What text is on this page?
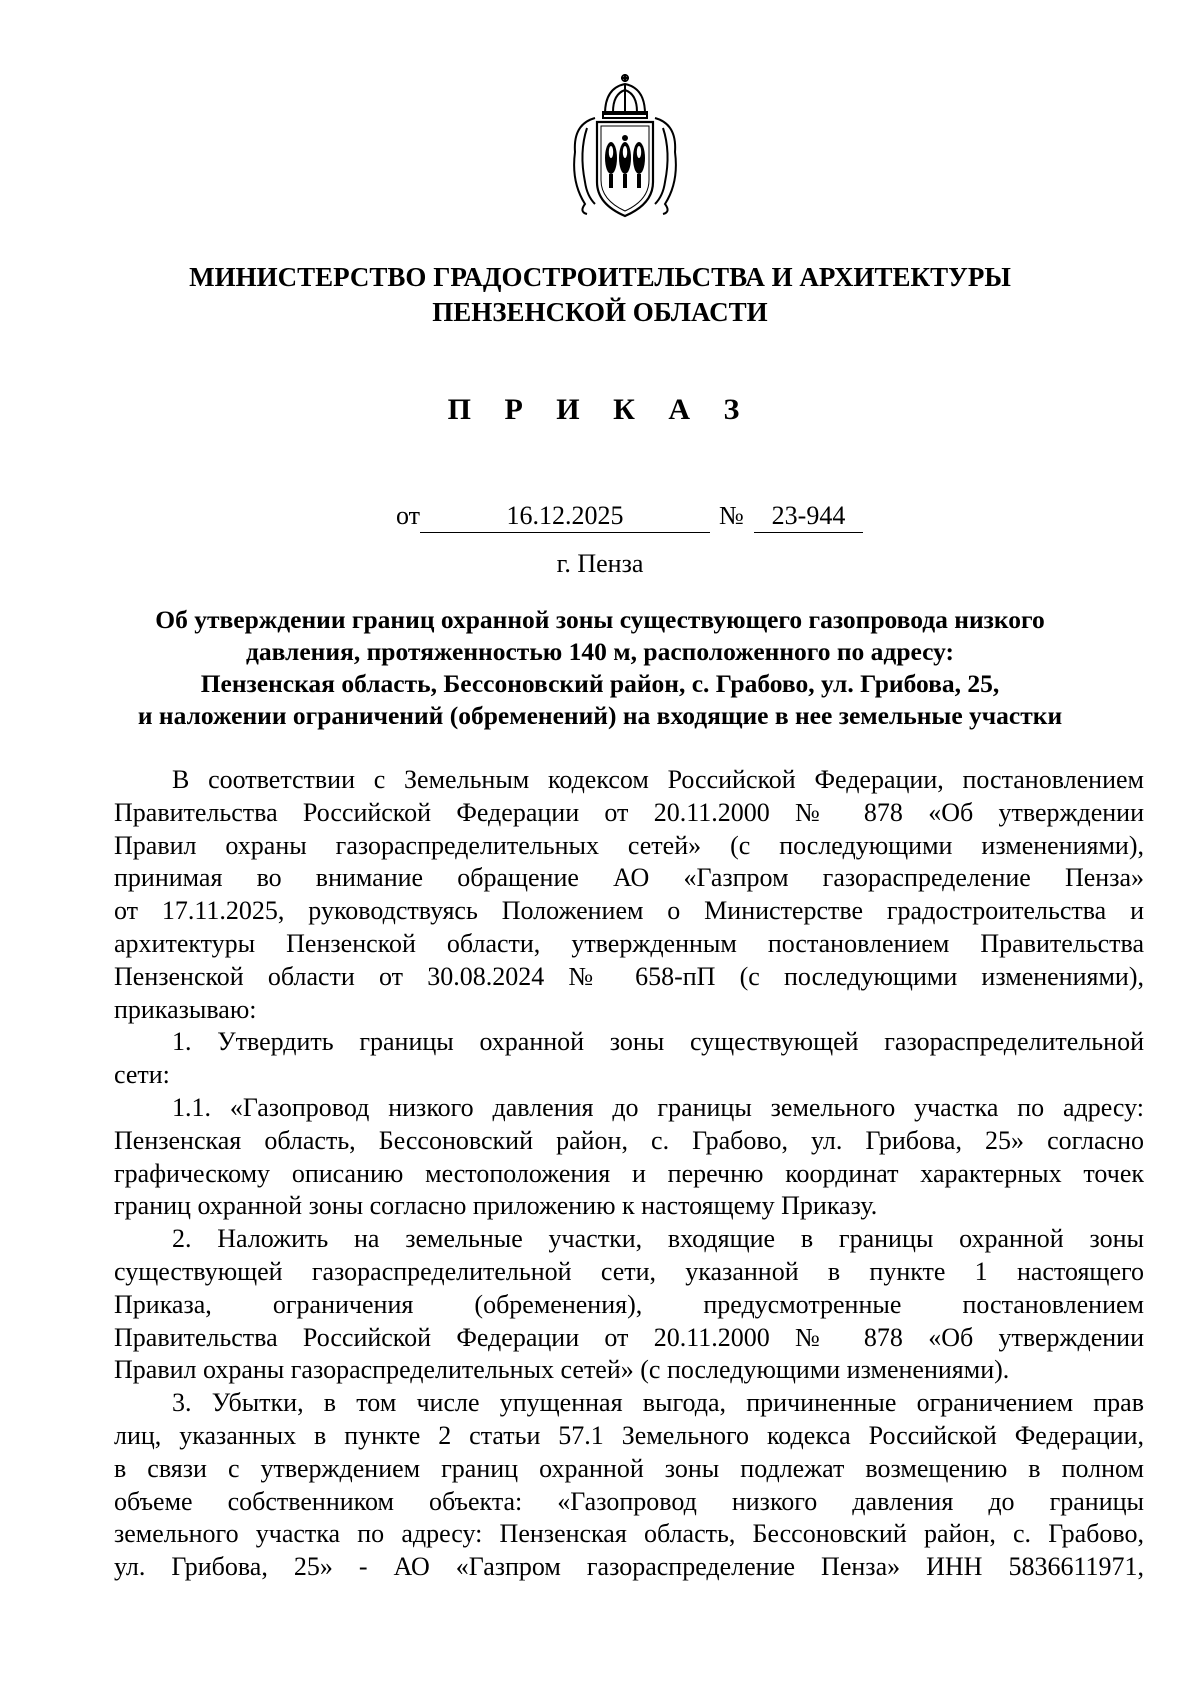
МИНИСТЕРСТВО ГРАДОСТРОИТЕЛЬСТВА И АРХИТЕКТУРЫ
ПЕНЗЕНСКОЙ ОБЛАСТИ
П Р И К А З
от	16.12.2025	№	23-944
г. Пенза
Об утверждении границ охранной зоны существующего газопровода низкого
давления, протяженностью 140 м, расположенного по адресу:
Пензенская область, Бессоновский район, с. Грабово, ул. Грибова, 25,
и наложении ограничений (обременений) на входящие в нее земельные участки
В соответствии с Земельным кодексом Российской Федерации, постановлением
Правительства Российской Федерации от 20.11.2000 № 878 «Об утверждении
Правил охраны газораспределительных сетей» (с последующими изменениями),
принимая во внимание обращение АО «Газпром газораспределение Пенза»
от 17.11.2025, руководствуясь Положением о Министерстве градостроительства и
архитектуры Пензенской области, утвержденным постановлением Правительства
Пензенской области от 30.08.2024 № 658-пП (с последующими изменениями),
приказываю:
1. Утвердить границы охранной зоны существующей газораспределительной
сети:
1.1. «Газопровод низкого давления до границы земельного участка по адресу:
Пензенская область, Бессоновский район, с. Грабово, ул. Грибова, 25» согласно
графическому описанию местоположения и перечню координат характерных точек
границ охранной зоны согласно приложению к настоящему Приказу.
2. Наложить на земельные участки, входящие в границы охранной зоны
существующей газораспределительной сети, указанной в пункте 1 настоящего
Приказа, ограничения (обременения), предусмотренные постановлением
Правительства Российской Федерации от 20.11.2000 № 878 «Об утверждении
Правил охраны газораспределительных сетей» (с последующими изменениями).
3. Убытки, в том числе упущенная выгода, причиненные ограничением прав
лиц, указанных в пункте 2 статьи 57.1 Земельного кодекса Российской Федерации,
в связи с утверждением границ охранной зоны подлежат возмещению в полном
объеме собственником объекта: «Газопровод низкого давления до границы
земельного участка по адресу: Пензенская область, Бессоновский район, с. Грабово,
ул. Грибова, 25» - АО «Газпром газораспределение Пенза» ИНН 5836611971,
